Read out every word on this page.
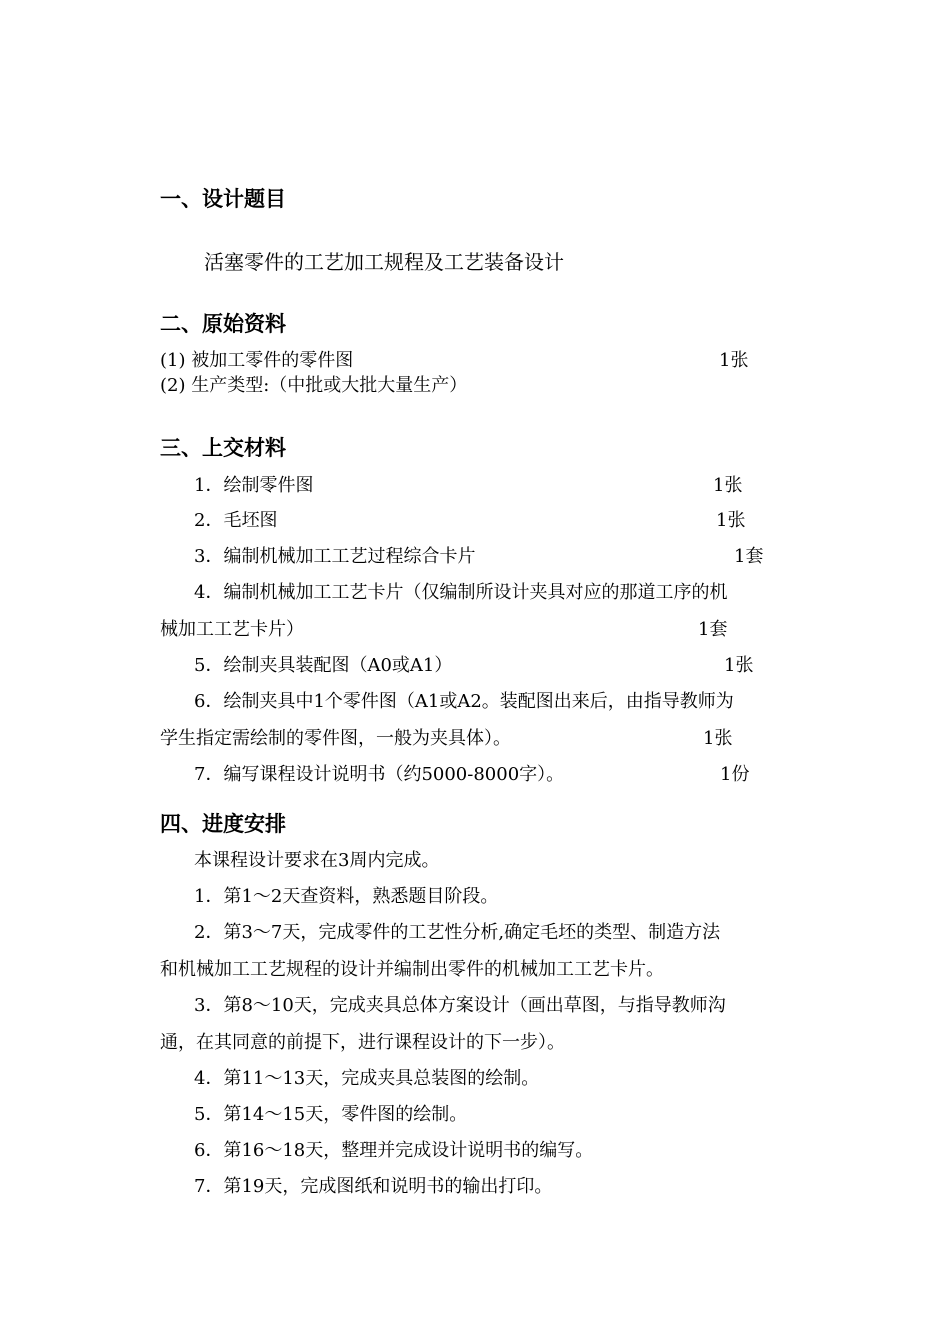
一、设计题目
活塞零件的工艺加工规程及工艺装备设计
二、原始资料
(1) 被加工零件的零件图	1张
(2) 生产类型:（中批或大批大量生产）
三、上交材料
1．绘制零件图	1张
2．毛坯图	1张
3．编制机械加工工艺过程综合卡片	1套
4．编制机械加工工艺卡片（仅编制所设计夹具对应的那道工序的机
械加工工艺卡片）	1套
5．绘制夹具装配图（A0或A1）	1张
6．绘制夹具中1个零件图（A1或A2。装配图出来后，由指导教师为
学生指定需绘制的零件图，一般为夹具体）。	1张
7．编写课程设计说明书（约5000-8000字）。	1份
四、进度安排
本课程设计要求在3周内完成。
1．第1～2天查资料，熟悉题目阶段。
2．第3～7天，完成零件的工艺性分析,确定毛坯的类型、制造方法
和机械加工工艺规程的设计并编制出零件的机械加工工艺卡片。
3．第8～10天，完成夹具总体方案设计（画出草图，与指导教师沟
通，在其同意的前提下，进行课程设计的下一步）。
4．第11～13天，完成夹具总装图的绘制。
5．第14～15天，零件图的绘制。
6．第16～18天，整理并完成设计说明书的编写。
7．第19天，完成图纸和说明书的输出打印。
